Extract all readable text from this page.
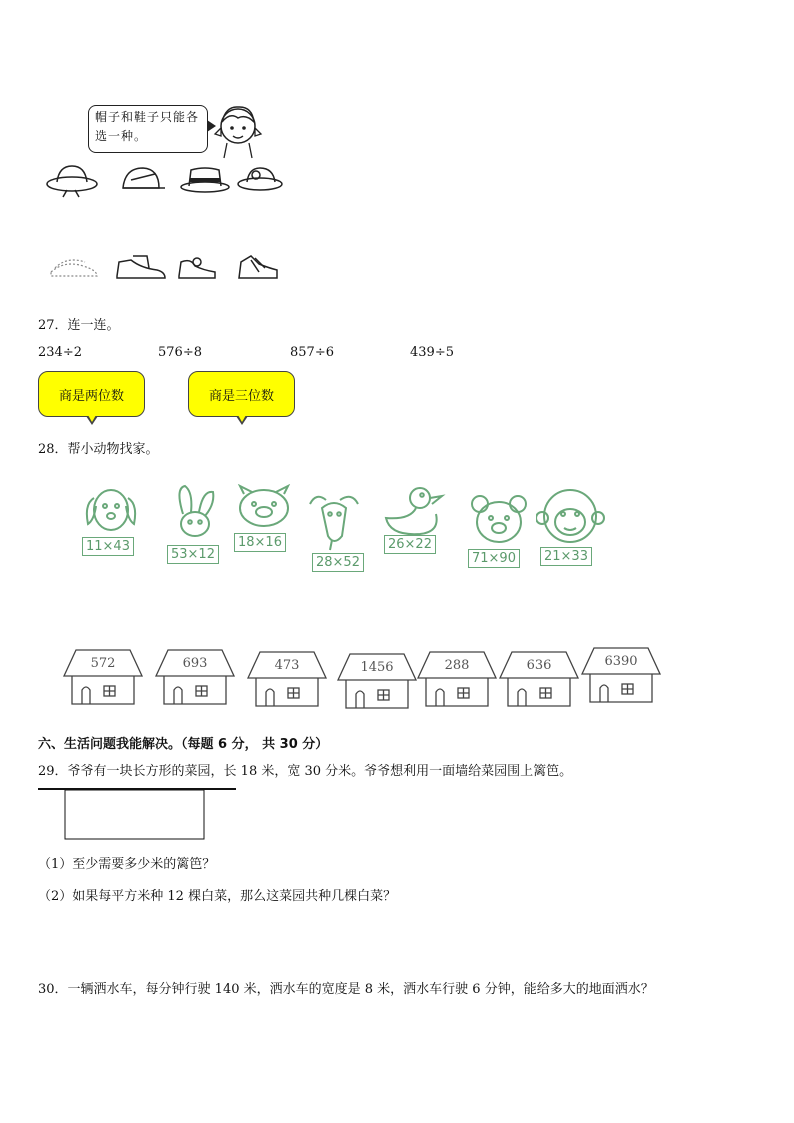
帽子和鞋子只能各选一种。
27．连一连。
234÷2	576÷8	857÷6	439÷5
商是两位数	商是三位数
28．帮小动物找家。
11×43
53×12
18×16
28×52
26×22
71×90	21×33
572	693	473	1456	288	636	6390
六、生活问题我能解决。（每题 6 分， 共 30 分）
29．爷爷有一块长方形的菜园，长 18 米，宽 30 分米。爷爷想利用一面墙给菜园围上篱笆。
（1）至少需要多少米的篱笆？
（2）如果每平方米种 12 棵白菜，那么这菜园共种几棵白菜？
30．一辆洒水车，每分钟行驶 140 米，洒水车的宽度是 8 米，洒水车行驶 6 分钟，能给多大的地面洒水？
